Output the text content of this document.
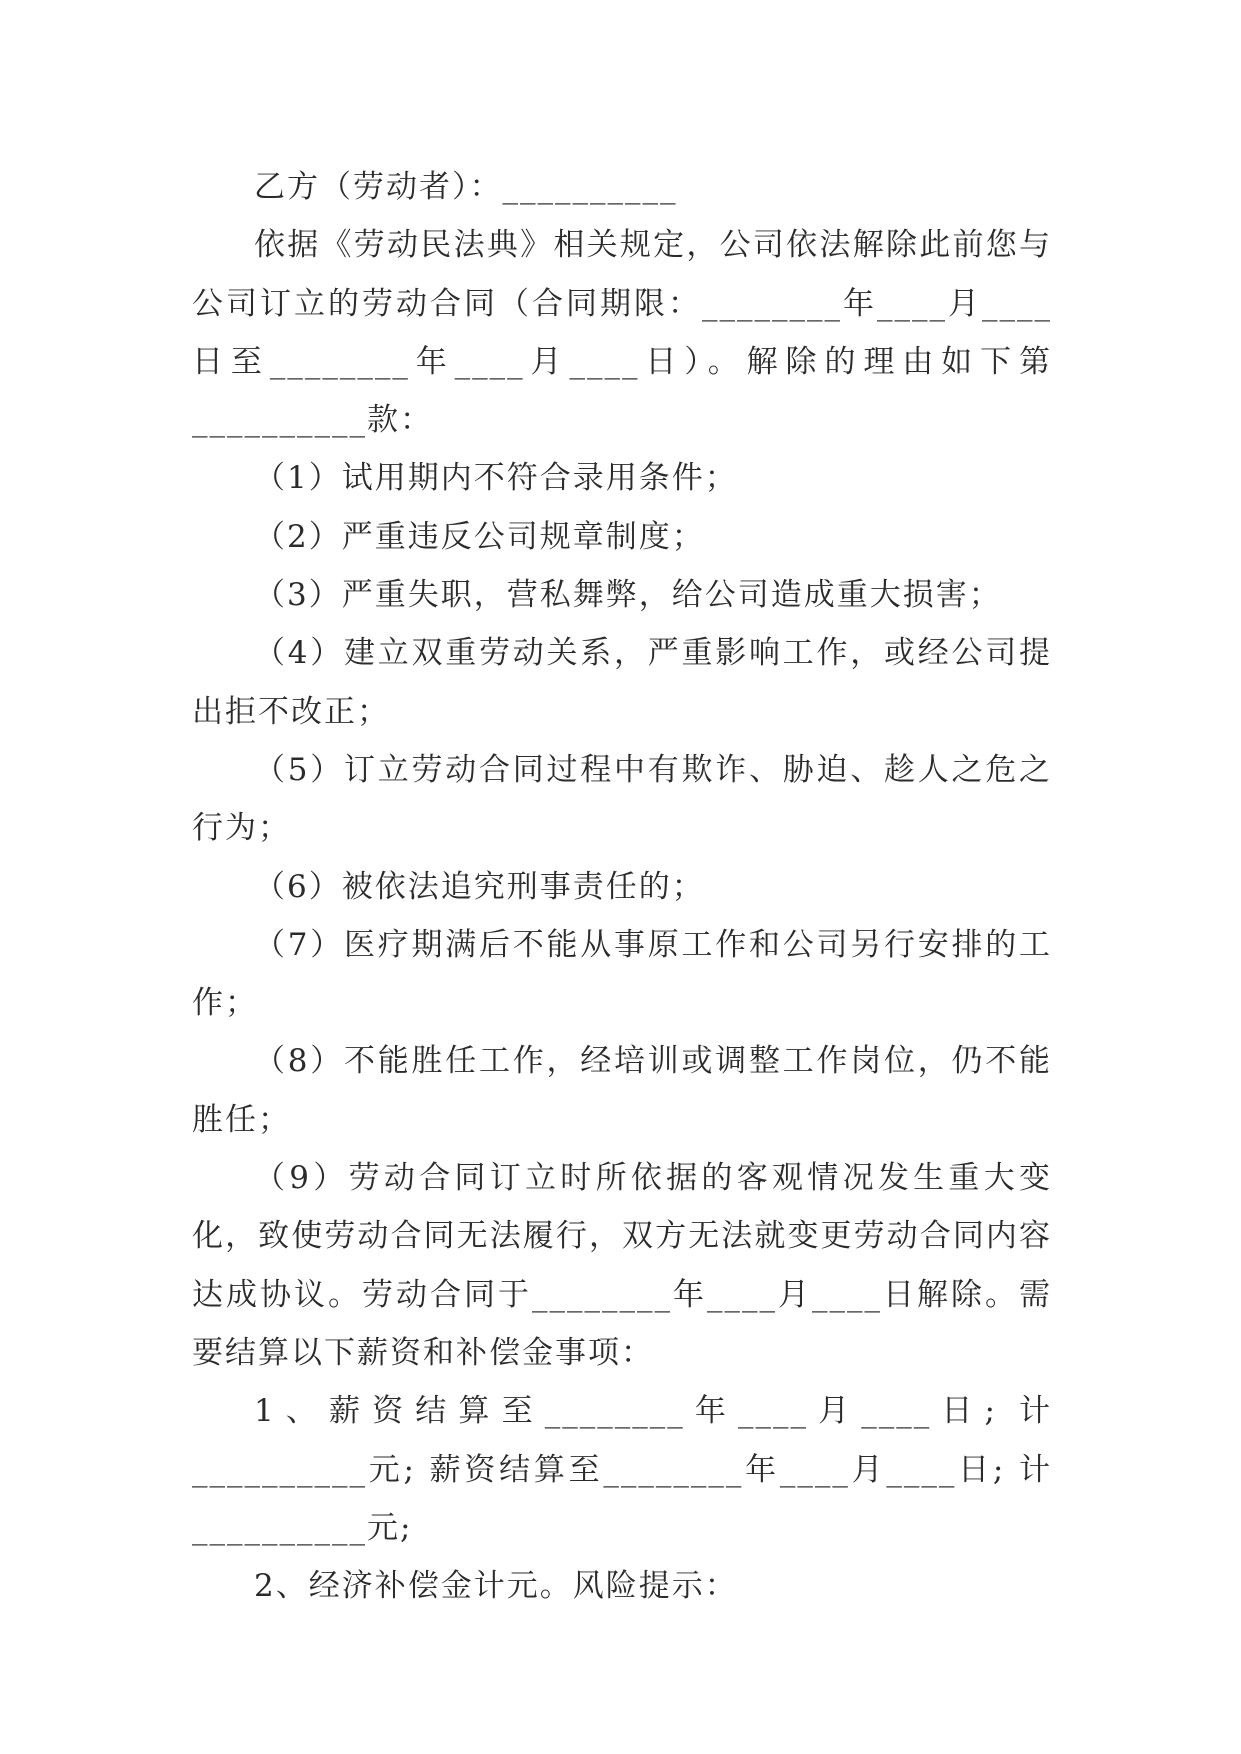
乙方（劳动者）：__________

依据《劳动民法典》相关规定，公司依法解除此前您与公司订立的劳动合同（合同期限：________年____月____日至________年____月____日）。解除的理由如下第__________款：

（1）试用期内不符合录用条件；

（2）严重违反公司规章制度；

（3）严重失职，营私舞弊，给公司造成重大损害；

（4）建立双重劳动关系，严重影响工作，或经公司提出拒不改正；

（5）订立劳动合同过程中有欺诈、胁迫、趁人之危之行为；

（6）被依法追究刑事责任的；

（7）医疗期满后不能从事原工作和公司另行安排的工作；

（8）不能胜任工作，经培训或调整工作岗位，仍不能胜任；

（9）劳动合同订立时所依据的客观情况发生重大变化，致使劳动合同无法履行，双方无法就变更劳动合同内容达成协议。劳动合同于________年____月____日解除。需要结算以下薪资和补偿金事项：

1、薪资结算至________年____月____日; 计__________元; 薪资结算至________年____月____日; 计__________元;

2、经济补偿金计元。风险提示：
